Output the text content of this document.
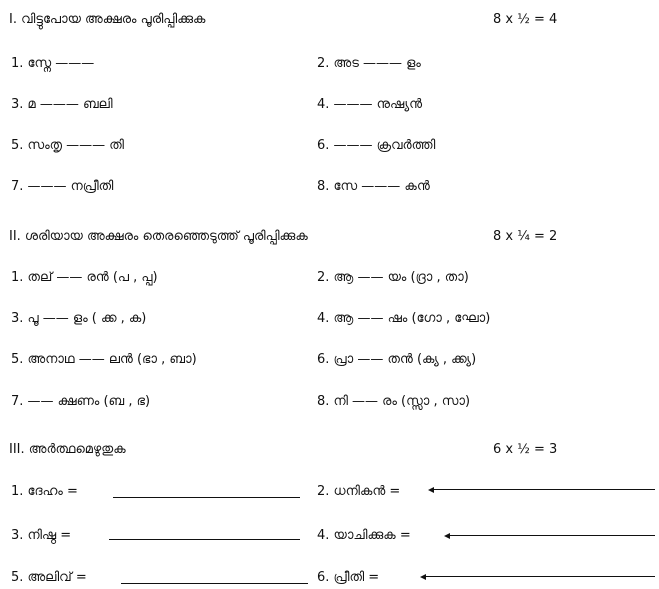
I. വിട്ടുപോയ അക്ഷരം പൂരിപ്പിക്കുക	8 x ½ = 4
1. സ്നേ ———	2. അട ——— ളം
3. മ ——— ബലി	4. ——— നുഷ്യൻ
5. സംതൃ ——— തി	6. ——— ക്രവർത്തി
7. ——— നപ്രീതി	8. സേ ——— കൻ
II. ശരിയായ അക്ഷരം തെരഞ്ഞെടുത്ത് പൂരിപ്പിക്കുക	8 x ¼ = 2
1. തല് —— രൻ (പ , പ്പ)	2. ആ —— യം (ദ്രാ , താ)
3. പൂ —— ളം ( ക്ക , ക)	4. ആ —— ഷം (ഗോ , ഘോ)
5. അനാഥ —— ലൻ (ഭാ , ബാ)	6. പ്രാ —— തൻ (ക്യ , ക്ക്യ)
7. —— ക്ഷണം (ബ , ഭ)	8. നി —— രം (സ്സാ , സാ)
III. അർത്ഥമെഴുതുക	6 x ½ = 3
1. ദേഹം =	2. ധനികൻ =
3. നിഷ്ഠ =	4. യാചിക്കുക =
5. അലിവ് =	6. പ്രീതി =
